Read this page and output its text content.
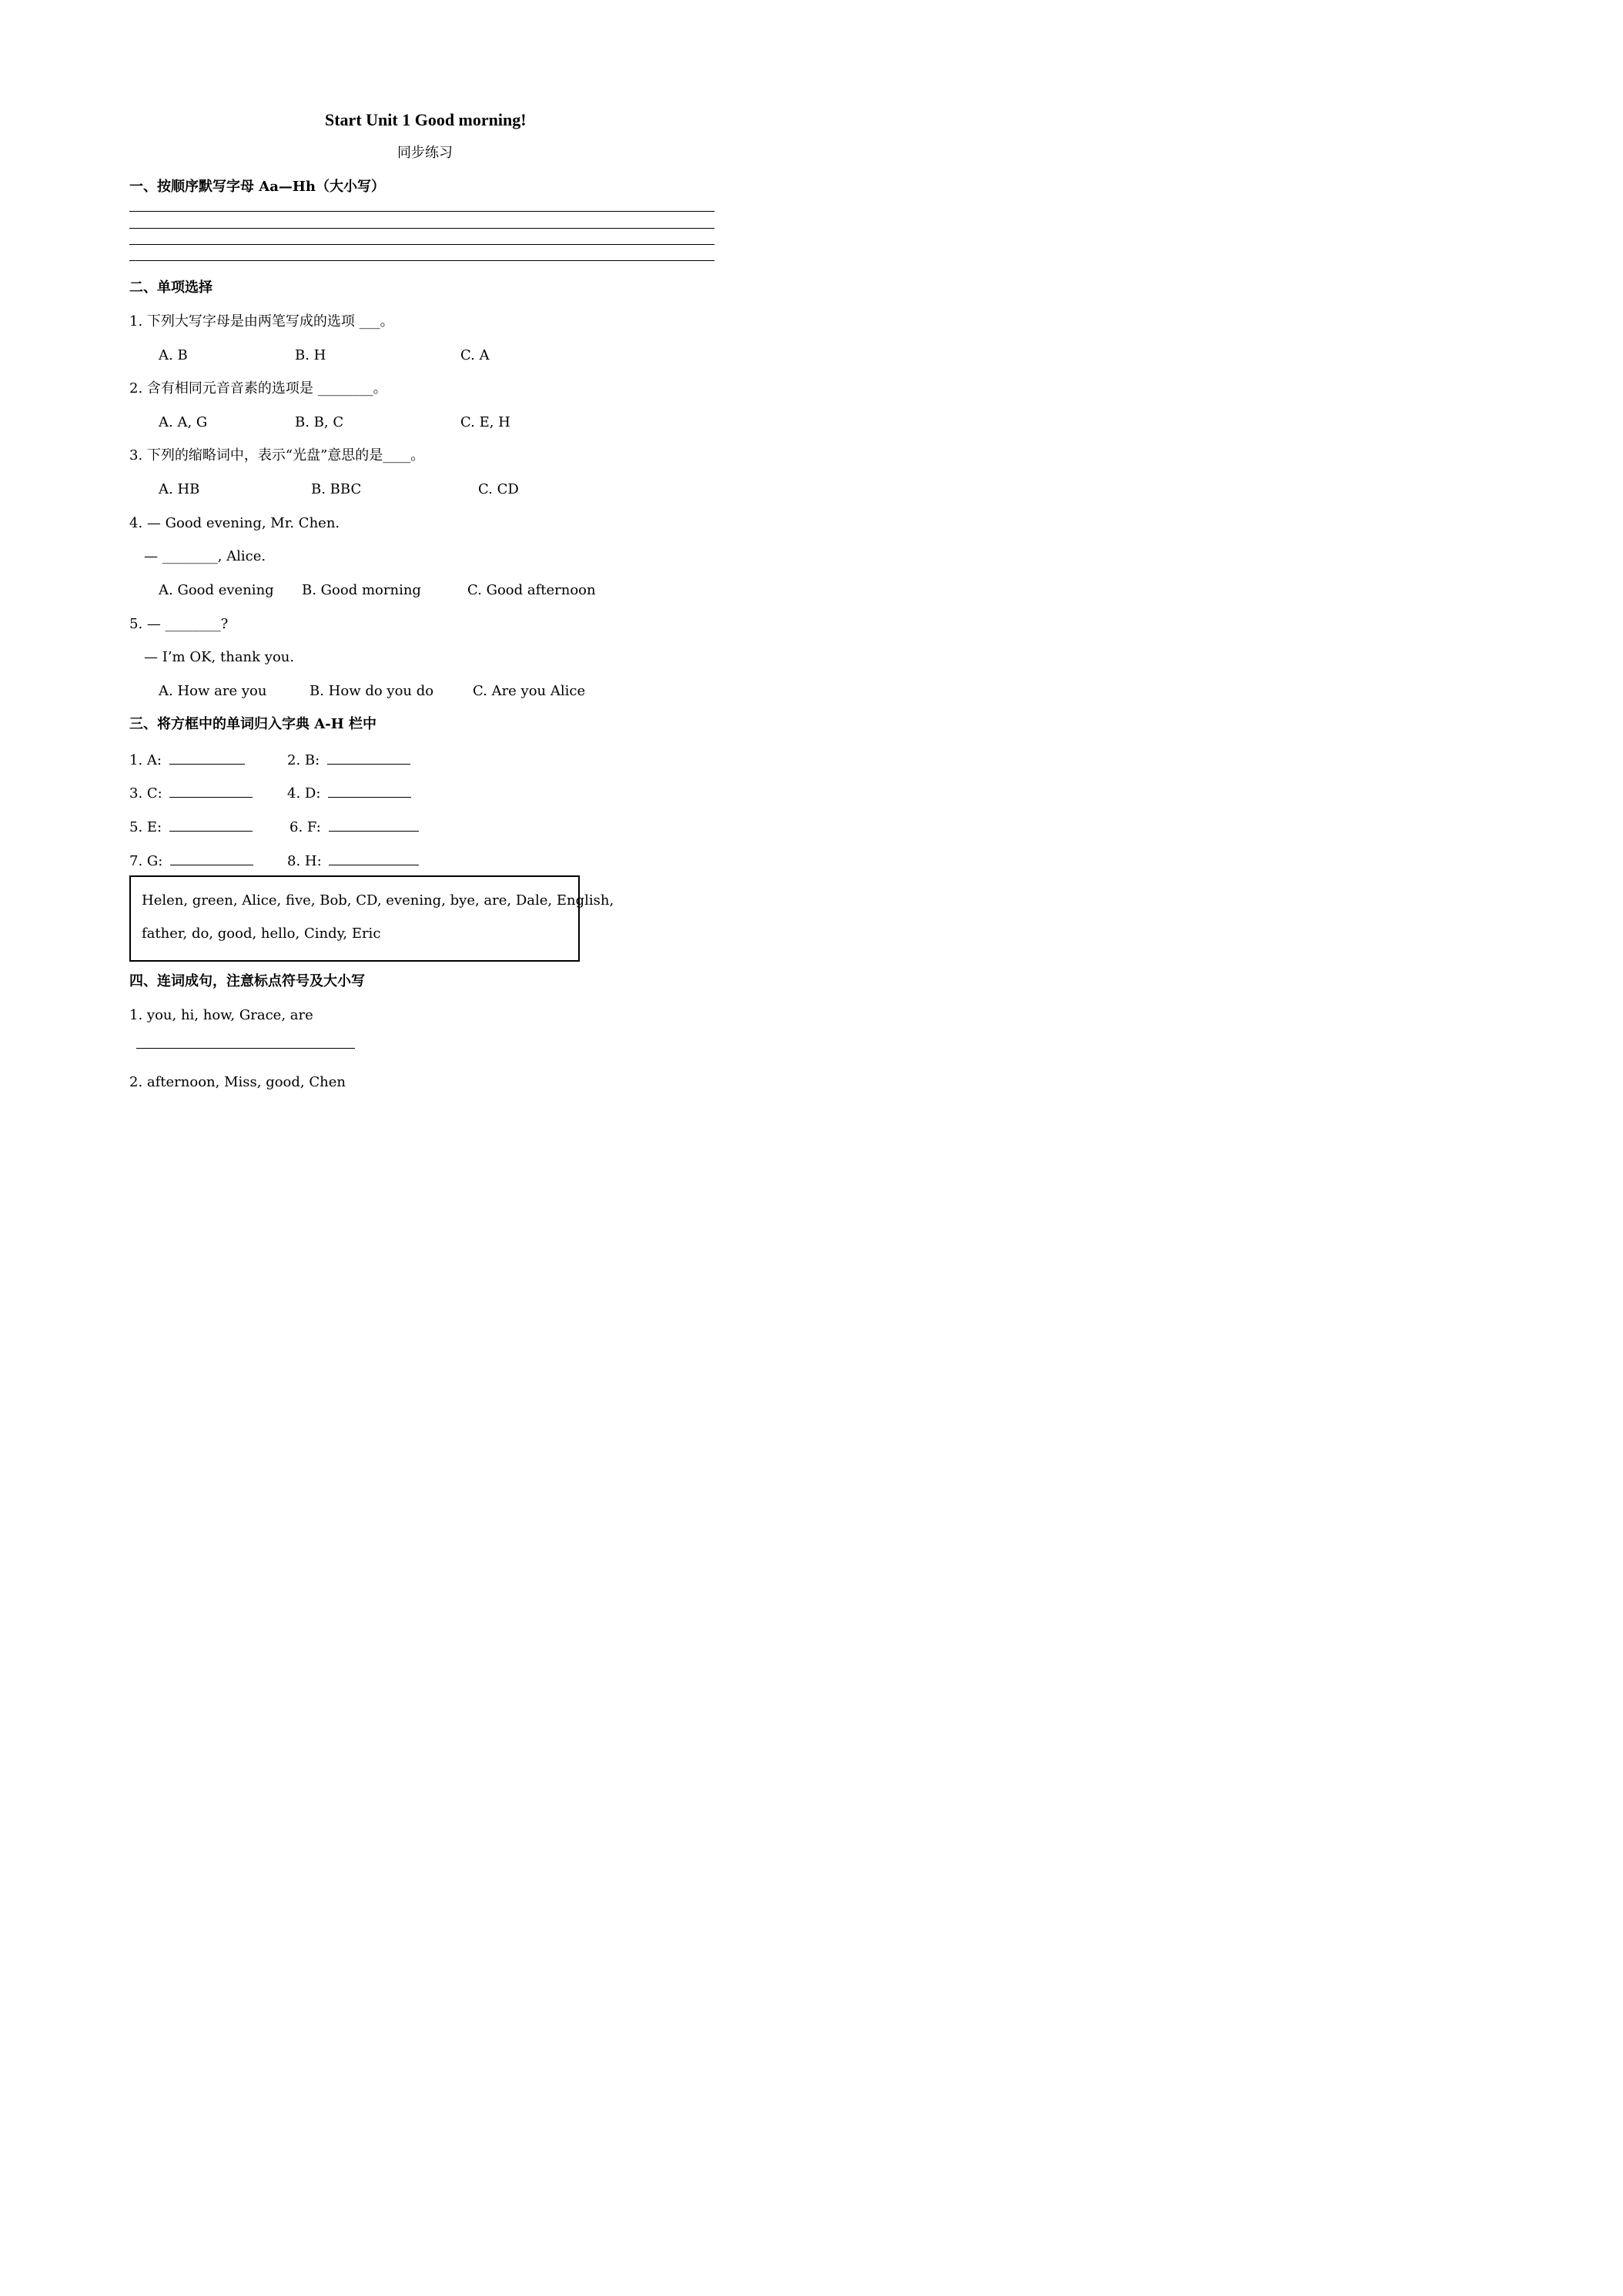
Start Unit 1 Good morning!
同步练习
一、按顺序默写字母 Aa—Hh（大小写）
二、单项选择
1. 下列大写字母是由两笔写成的选项 ___。
A. B	B. H	C. A
2. 含有相同元音音素的选项是 ________。
A. A, G	B. B, C	C. E, H
3. 下列的缩略词中，表示“光盘”意思的是____。
A. HB	B. BBC	C. CD
4. — Good evening, Mr. Chen.
— ________, Alice.
A. Good evening B. Good morning	C. Good afternoon
5. — ________?
— I’m OK, thank you.
A. How are you	B. How do you do	C. Are you Alice
三、将方框中的单词归入字典 A-H 栏中
1. A:	2. B:
3. C:	4. D:
5. E:	6. F:
7. G:	8. H:

Helen, green, Alice, five, Bob, CD, evening, bye, are, Dale, English,

father, do, good, hello, Cindy, Eric

四、连词成句，注意标点符号及大小写
1. you, hi, how, Grace, are
2. afternoon, Miss, good, Chen
